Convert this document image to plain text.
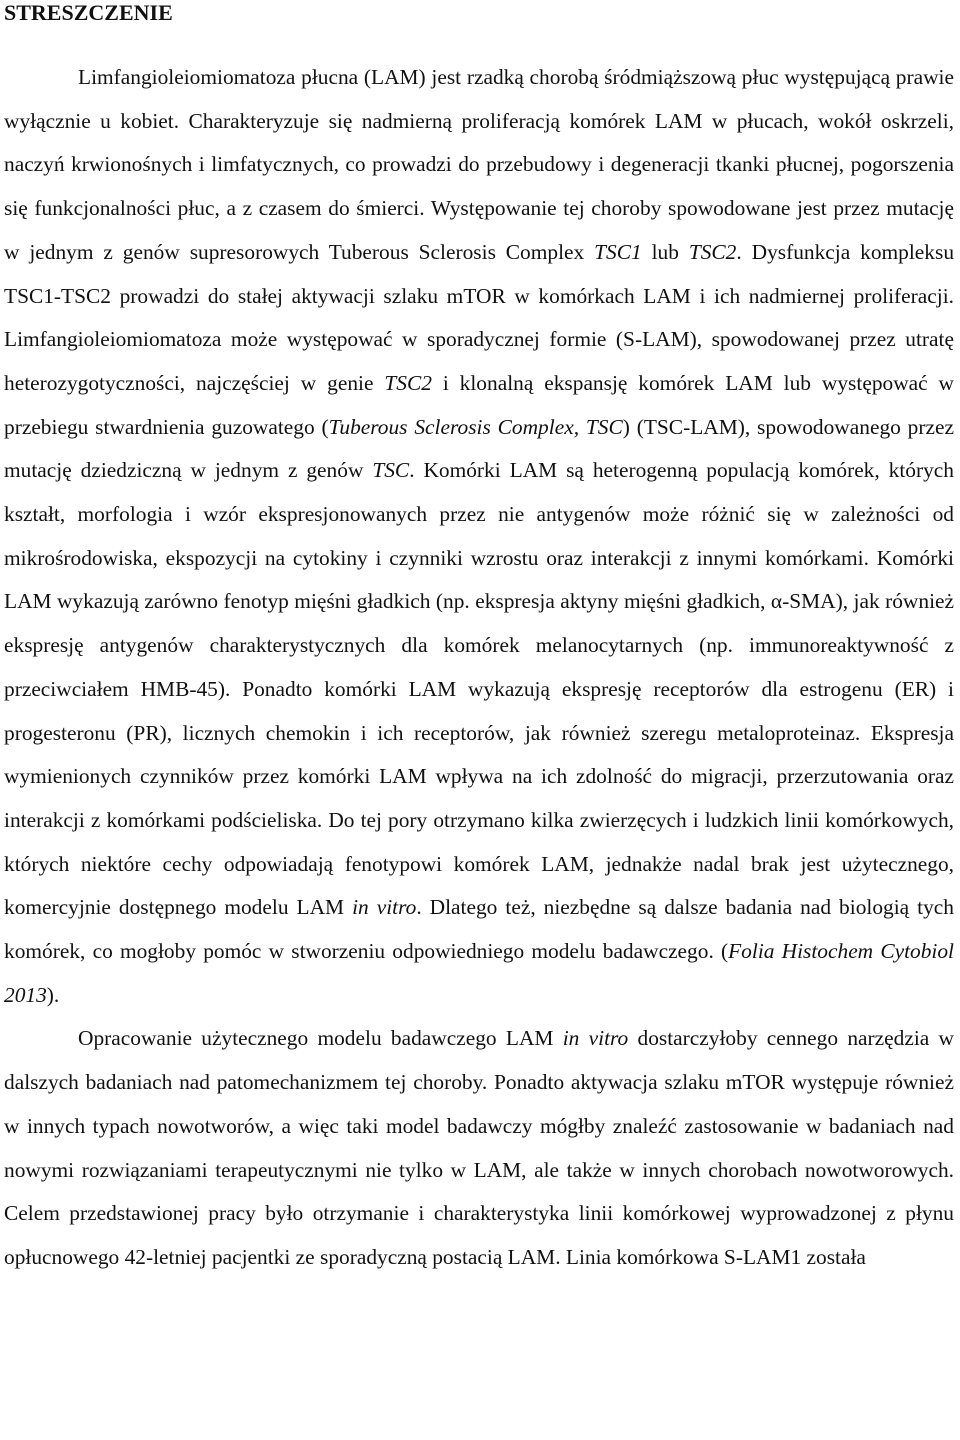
STRESZCZENIE

Limfangioleiomiomatoza płucna (LAM) jest rzadką chorobą śródmiąższową płuc występującą prawie wyłącznie u kobiet. Charakteryzuje się nadmierną proliferacją komórek LAM w płucach, wokół oskrzeli, naczyń krwionośnych i limfatycznych, co prowadzi do przebudowy i degeneracji tkanki płucnej, pogorszenia się funkcjonalności płuc, a z czasem do śmierci. Występowanie tej choroby spowodowane jest przez mutację w jednym z genów supresorowych Tuberous Sclerosis Complex TSC1 lub TSC2. Dysfunkcja kompleksu TSC1-TSC2 prowadzi do stałej aktywacji szlaku mTOR w komórkach LAM i ich nadmiernej proliferacji. Limfangioleiomiomatoza może występować w sporadycznej formie (S-LAM), spowodowanej przez utratę heterozygotyczności, najczęściej w genie TSC2 i klonalną ekspansję komórek LAM lub występować w przebiegu stwardnienia guzowatego (Tuberous Sclerosis Complex, TSC) (TSC-LAM), spowodowanego przez mutację dziedziczną w jednym z genów TSC. Komórki LAM są heterogenną populacją komórek, których kształt, morfologia i wzór ekspresjonowanych przez nie antygenów może różnić się w zależności od mikrośrodowiska, ekspozycji na cytokiny i czynniki wzrostu oraz interakcji z innymi komórkami. Komórki LAM wykazują zarówno fenotyp mięśni gładkich (np. ekspresja aktyny mięśni gładkich, α-SMA), jak również ekspresję antygenów charakterystycznych dla komórek melanocytarnych (np. immunoreaktywność z przeciwciałem HMB-45). Ponadto komórki LAM wykazują ekspresję receptorów dla estrogenu (ER) i progesteronu (PR), licznych chemokin i ich receptorów, jak również szeregu metaloproteinaz. Ekspresja wymienionych czynników przez komórki LAM wpływa na ich zdolność do migracji, przerzutowania oraz interakcji z komórkami podścieliska. Do tej pory otrzymano kilka zwierzęcych i ludzkich linii komórkowych, których niektóre cechy odpowiadają fenotypowi komórek LAM, jednakże nadal brak jest użytecznego, komercyjnie dostępnego modelu LAM in vitro. Dlatego też, niezbędne są dalsze badania nad biologią tych komórek, co mogłoby pomóc w stworzeniu odpowiedniego modelu badawczego. (Folia Histochem Cytobiol 2013).

Opracowanie użytecznego modelu badawczego LAM in vitro dostarczyłoby cennego narzędzia w dalszych badaniach nad patomechanizmem tej choroby. Ponadto aktywacja szlaku mTOR występuje również w innych typach nowotworów, a więc taki model badawczy mógłby znaleźć zastosowanie w badaniach nad nowymi rozwiązaniami terapeutycznymi nie tylko w LAM, ale także w innych chorobach nowotworowych. Celem przedstawionej pracy było otrzymanie i charakterystyka linii komórkowej wyprowadzonej z płynu opłucnowego 42-letniej pacjentki ze sporadyczną postacią LAM. Linia komórkowa S-LAM1 została
